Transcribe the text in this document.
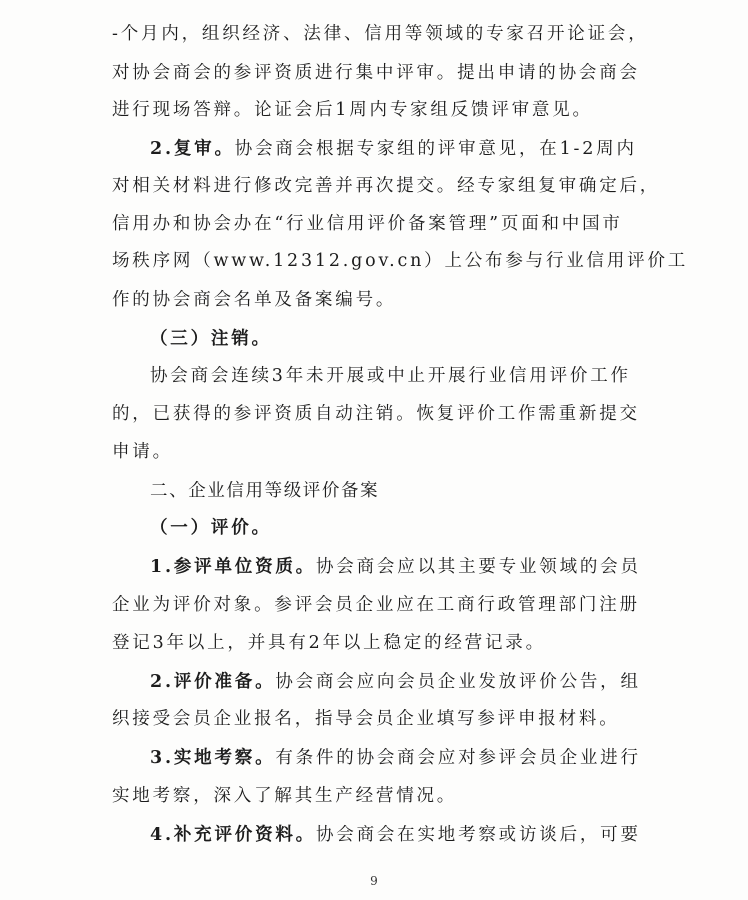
-个月内，组织经济、法律、信用等领域的专家召开论证会，
对协会商会的参评资质进行集中评审。提出申请的协会商会
进行现场答辩。论证会后1周内专家组反馈评审意见。
2.复审。协会商会根据专家组的评审意见，在1-2周内
对相关材料进行修改完善并再次提交。经专家组复审确定后，
信用办和协会办在“行业信用评价备案管理”页面和中国市
场秩序网（www.12312.gov.cn）上公布参与行业信用评价工
作的协会商会名单及备案编号。
（三）注销。
协会商会连续3年未开展或中止开展行业信用评价工作
的，已获得的参评资质自动注销。恢复评价工作需重新提交
申请。
二、企业信用等级评价备案
（一）评价。
1.参评单位资质。协会商会应以其主要专业领域的会员
企业为评价对象。参评会员企业应在工商行政管理部门注册
登记3年以上，并具有2年以上稳定的经营记录。
2.评价准备。协会商会应向会员企业发放评价公告，组
织接受会员企业报名，指导会员企业填写参评申报材料。
3.实地考察。有条件的协会商会应对参评会员企业进行
实地考察，深入了解其生产经营情况。
4.补充评价资料。协会商会在实地考察或访谈后，可要
9
